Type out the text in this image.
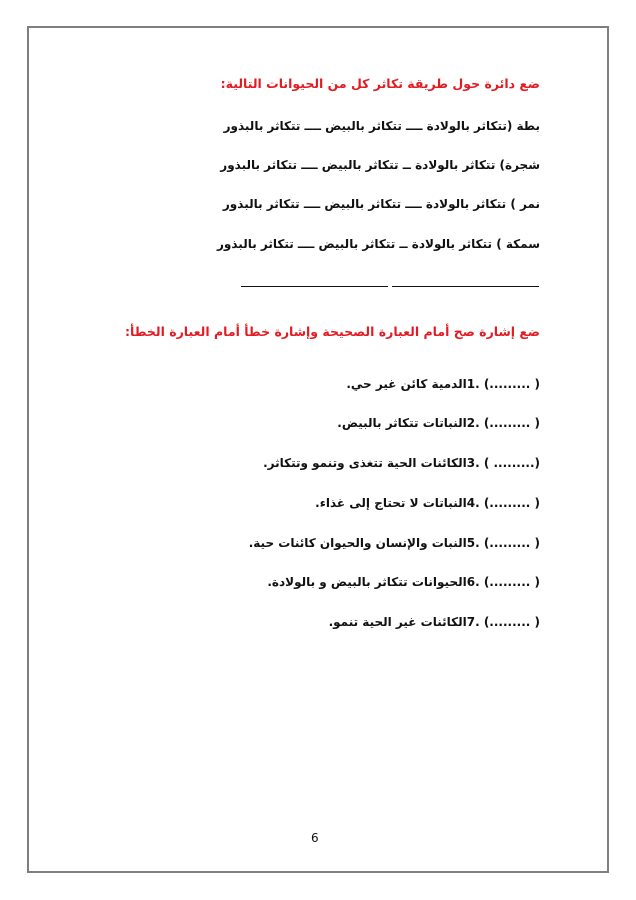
ضع دائرة حول طريقة تكاثر كل من الحيوانات التالية:
بطة (تتكاثر بالولادة ــــ تتكاثر بالبيض ــــ تتكاثر بالبذور
شجرة) تتكاثر بالولادة ــ تتكاثر بالبيض ــــ تتكاثر بالبذور
نمر ) تتكاثر بالولادة ــــ تتكاثر بالبيض ــــ تتكاثر بالبذور
سمكة ) تتكاثر بالولادة ــ تتكاثر بالبيض ــــ تتكاثر بالبذور
ضع إشارة صح أمام العبارة الصحيحة وإشارة خطأ أمام العبارة الخطأ:
( .........) .1الدمية كائن غير حي.
( .........) .2النباتات تتكاثر بالبيض.
(......... ) .3الكائنات الحية تتغذى وتنمو وتتكاثر.
( .........) .4النباتات لا تحتاج إلى غذاء.
( .........) .5النبات والإنسان والحيوان كائنات حية.
( .........) .6الحيوانات تتكاثر بالبيض و بالولادة.
( .........) .7الكائنات غير الحية تنمو.
6
